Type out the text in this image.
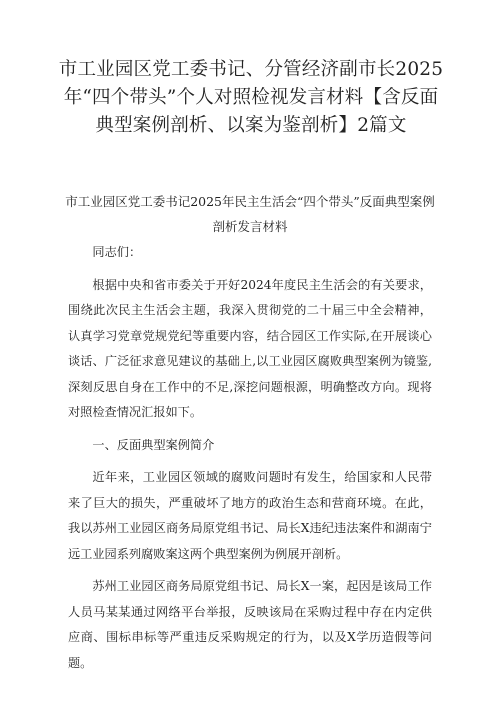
市工业园区党工委书记、分管经济副市长2025年“四个带头”个人对照检视发言材料【含反面典型案例剖析、以案为鉴剖析】2篇文
市工业园区党工委书记2025年民主生活会“四个带头”反面典型案例剖析发言材料

同志们：

根据中央和省市委关于开好2024年度民主生活会的有关要求，围绕此次民主生活会主题，我深入贯彻党的二十届三中全会精神，认真学习党章党规党纪等重要内容，结合园区工作实际,在开展谈心谈话、广泛征求意见建议的基础上,以工业园区腐败典型案例为镜鉴,深刻反思自身在工作中的不足,深挖问题根源，明确整改方向。现将对照检查情况汇报如下。

一、反面典型案例简介

近年来，工业园区领域的腐败问题时有发生，给国家和人民带来了巨大的损失，严重破坏了地方的政治生态和营商环境。在此，我以苏州工业园区商务局原党组书记、局长X违纪违法案件和湖南宁远工业园系列腐败案这两个典型案例为例展开剖析。

苏州工业园区商务局原党组书记、局长X一案，起因是该局工作人员马某某通过网络平台举报，反映该局在采购过程中存在内定供应商、围标串标等严重违反采购规定的行为，以及X学历造假等问题。
